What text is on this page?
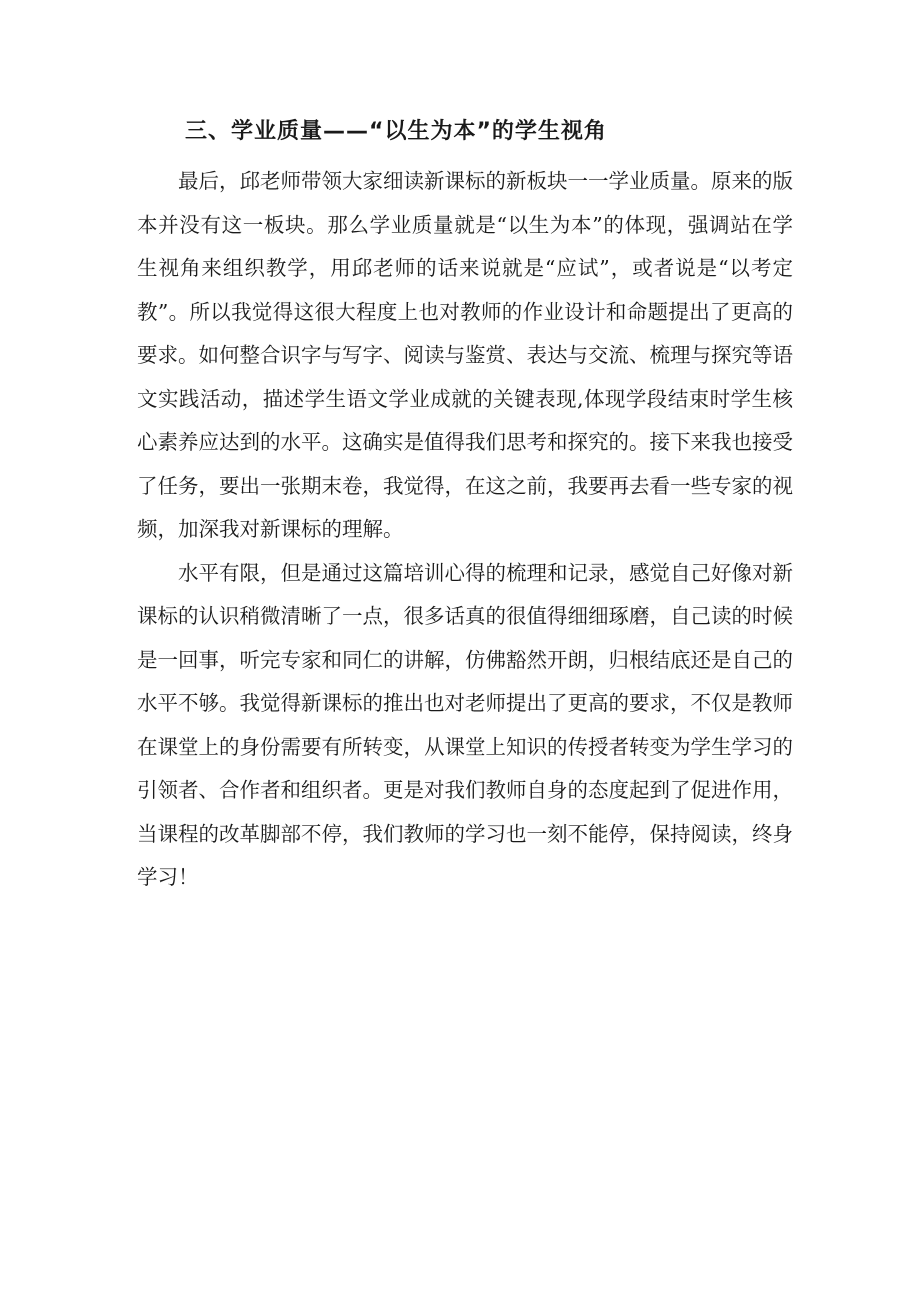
三、学业质量——“以生为本”的学生视角

最后，邱老师带领大家细读新课标的新板块一一学业质量。原来的版本并没有这一板块。那么学业质量就是“以生为本”的体现，强调站在学生视角来组织教学，用邱老师的话来说就是“应试”，或者说是“以考定教”。所以我觉得这很大程度上也对教师的作业设计和命题提出了更高的要求。如何整合识字与写字、阅读与鉴赏、表达与交流、梳理与探究等语文实践活动，描述学生语文学业成就的关键表现,体现学段结束时学生核心素养应达到的水平。这确实是值得我们思考和探究的。接下来我也接受了任务，要出一张期末卷，我觉得，在这之前，我要再去看一些专家的视频，加深我对新课标的理解。

水平有限，但是通过这篇培训心得的梳理和记录，感觉自己好像对新课标的认识稍微清晰了一点，很多话真的很值得细细琢磨，自己读的时候是一回事，听完专家和同仁的讲解，仿佛豁然开朗，归根结底还是自己的水平不够。我觉得新课标的推出也对老师提出了更高的要求，不仅是教师在课堂上的身份需要有所转变，从课堂上知识的传授者转变为学生学习的引领者、合作者和组织者。更是对我们教师自身的态度起到了促进作用，当课程的改革脚部不停，我们教师的学习也一刻不能停，保持阅读，终身学习！
